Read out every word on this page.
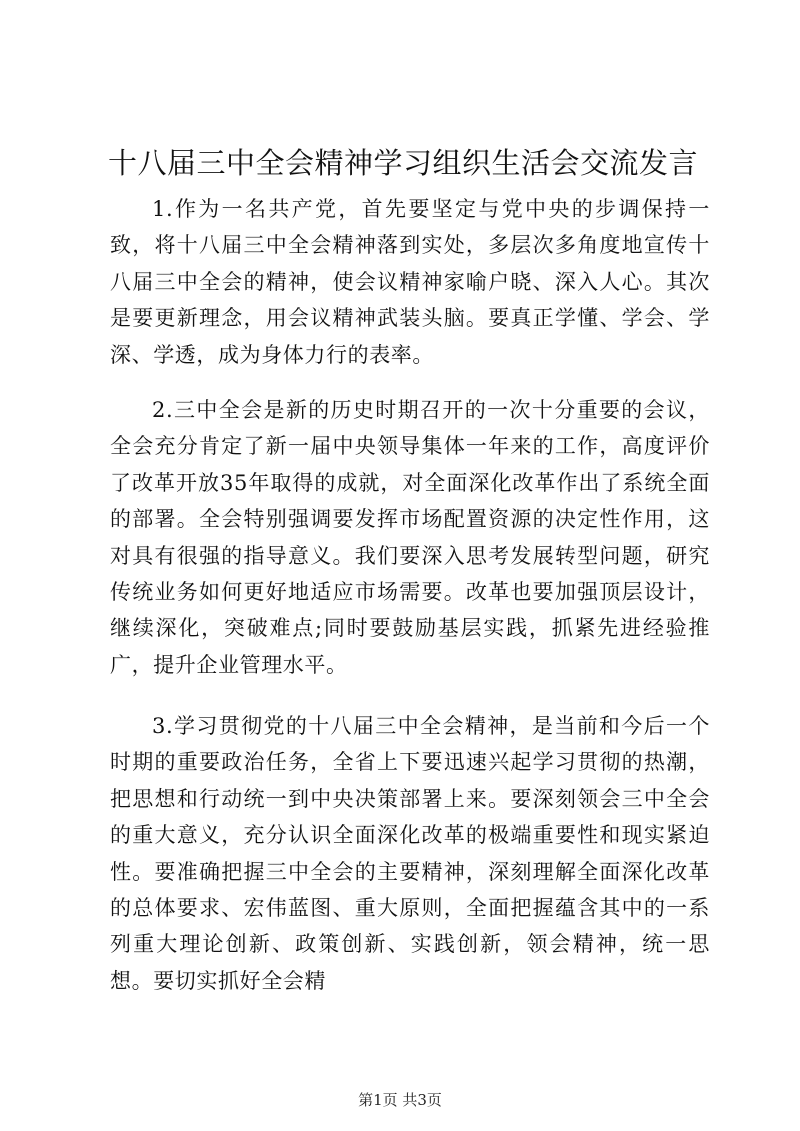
十八届三中全会精神学习组织生活会交流发言

1.作为一名共产党，首先要坚定与党中央的步调保持一致，将十八届三中全会精神落到实处，多层次多角度地宣传十八届三中全会的精神，使会议精神家喻户晓、深入人心。其次是要更新理念，用会议精神武装头脑。要真正学懂、学会、学深、学透，成为身体力行的表率。

2.三中全会是新的历史时期召开的一次十分重要的会议，全会充分肯定了新一届中央领导集体一年来的工作，高度评价了改革开放35年取得的成就，对全面深化改革作出了系统全面的部署。全会特别强调要发挥市场配置资源的决定性作用，这对具有很强的指导意义。我们要深入思考发展转型问题，研究传统业务如何更好地适应市场需要。改革也要加强顶层设计，继续深化，突破难点;同时要鼓励基层实践，抓紧先进经验推广，提升企业管理水平。

3.学习贯彻党的十八届三中全会精神，是当前和今后一个时期的重要政治任务，全省上下要迅速兴起学习贯彻的热潮，把思想和行动统一到中央决策部署上来。要深刻领会三中全会的重大意义，充分认识全面深化改革的极端重要性和现实紧迫性。要准确把握三中全会的主要精神，深刻理解全面深化改革的总体要求、宏伟蓝图、重大原则，全面把握蕴含其中的一系列重大理论创新、政策创新、实践创新，领会精神，统一思想。要切实抓好全会精

第1页 共3页
